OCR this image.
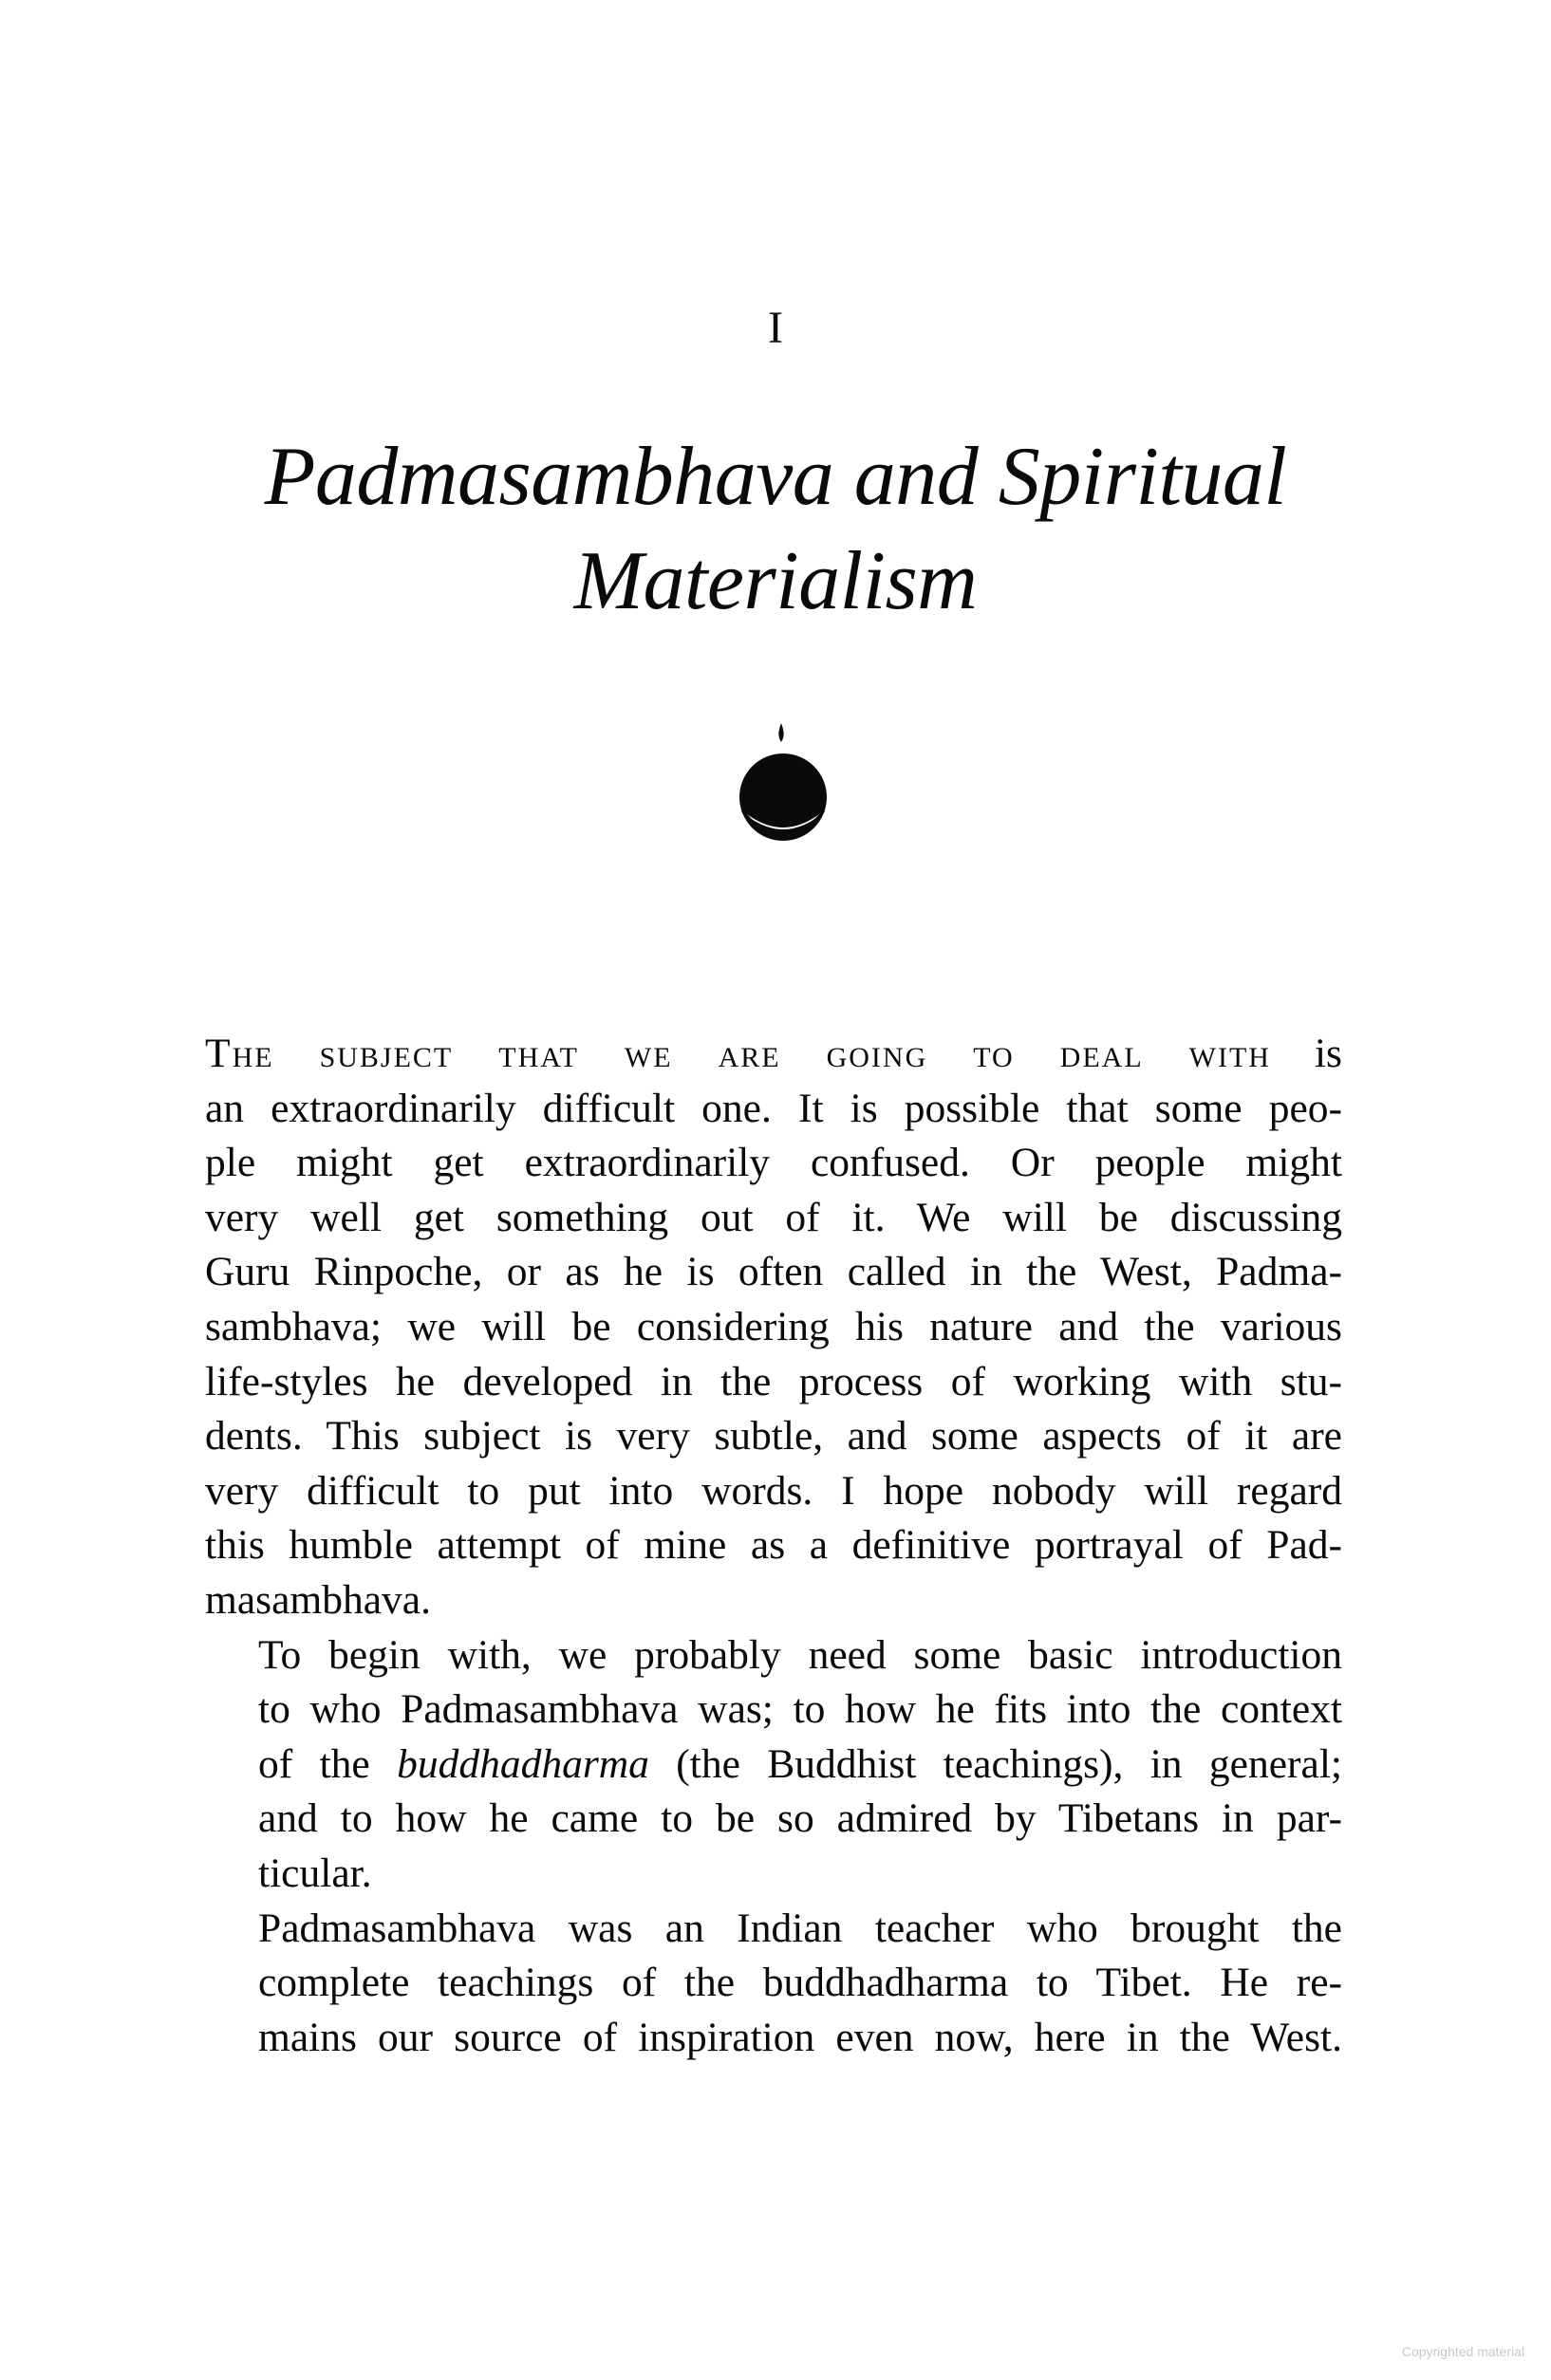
I
Padmasambhava and Spiritual
Materialism

The subject that we are going to deal with is
an extraordinarily difficult one. It is possible that some peo-
ple might get extraordinarily confused. Or people might
very well get something out of it. We will be discussing
Guru Rinpoche, or as he is often called in the West, Padma-
sambhava; we will be considering his nature and the various
life-styles he developed in the process of working with stu-
dents. This subject is very subtle, and some aspects of it are
very difficult to put into words. I hope nobody will regard
this humble attempt of mine as a definitive portrayal of Pad-
masambhava.

To begin with, we probably need some basic introduction
to who Padmasambhava was; to how he fits into the context
of the buddhadharma (the Buddhist teachings), in general;
and to how he came to be so admired by Tibetans in par-
ticular.

Padmasambhava was an Indian teacher who brought the
complete teachings of the buddhadharma to Tibet. He re-
mains our source of inspiration even now, here in the West.

Copyrighted material
